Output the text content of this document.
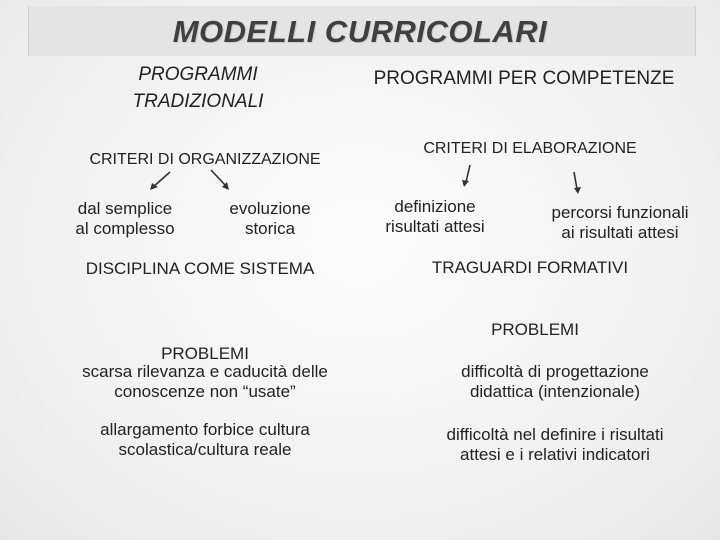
MODELLI CURRICOLARI
PROGRAMMI
TRADIZIONALI
CRITERI DI ORGANIZZAZIONE
dal semplice
al complesso
evoluzione
storica
DISCIPLINA COME SISTEMA
PROBLEMI
scarsa rilevanza e caducità delle
conoscenze non “usate”
allargamento forbice cultura
scolastica/cultura reale
PROGRAMMI PER COMPETENZE
CRITERI DI ELABORAZIONE
definizione
risultati attesi
percorsi funzionali
ai risultati attesi
TRAGUARDI FORMATIVI
PROBLEMI
difficoltà di progettazione
didattica (intenzionale)
difficoltà nel definire i risultati
attesi e i relativi indicatori
